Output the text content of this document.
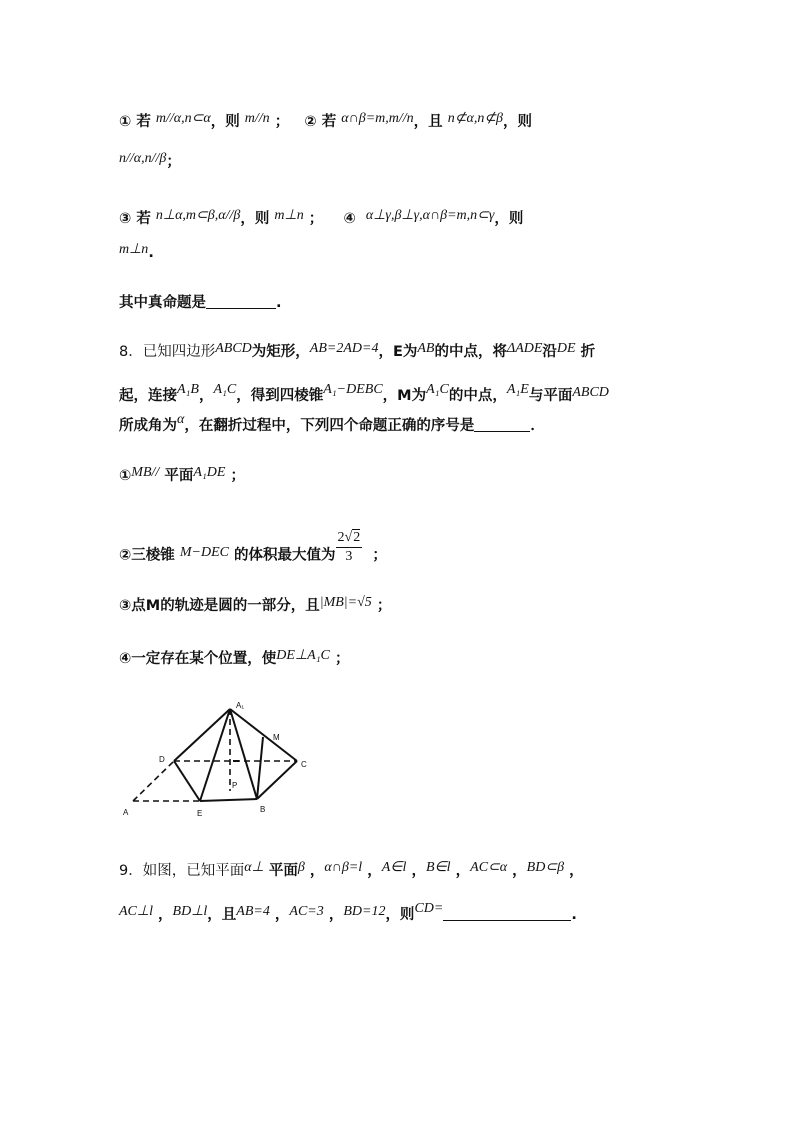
① 若 m//α,n⊂α，则 m//n ； ② 若 α∩β=m,m//n，且 n⊄α,n⊄β，则
n//α,n//β；
③ 若 n⊥α,m⊂β,α//β，则 m⊥n ； ④ α⊥γ,β⊥γ,α∩β=m,n⊂γ，则
m⊥n.
其中真命题是	.
8．已知四边形ABCD为矩形，AB=2AD=4，E为AB的中点，将ΔADE沿DE 折
起，连接A₁B，A₁C，得到四棱锥A₁−DEBC，M为A₁C的中点，A₁E与平面ABCD
所成角为α，在翻折过程中，下列四个命题正确的序号是	．
①MB// 平面A₁DE ；
②三棱锥 M−DEC 的体积最大值为 $\frac{2√2}{3}$ ；
③点M的轨迹是圆的一部分，且|MB|=√5 ；
④一定存在某个位置，使DE⊥A₁C ；
A₁
M
D
C
P
A	E	B
9．如图，已知平面α⊥ 平面β ，α∩β=l ，A∈l ，B∈l ，AC⊂α ，BD⊂β ，
AC⊥l ，BD⊥l，且AB=4 ，AC=3 ，BD=12，则CD=	.
